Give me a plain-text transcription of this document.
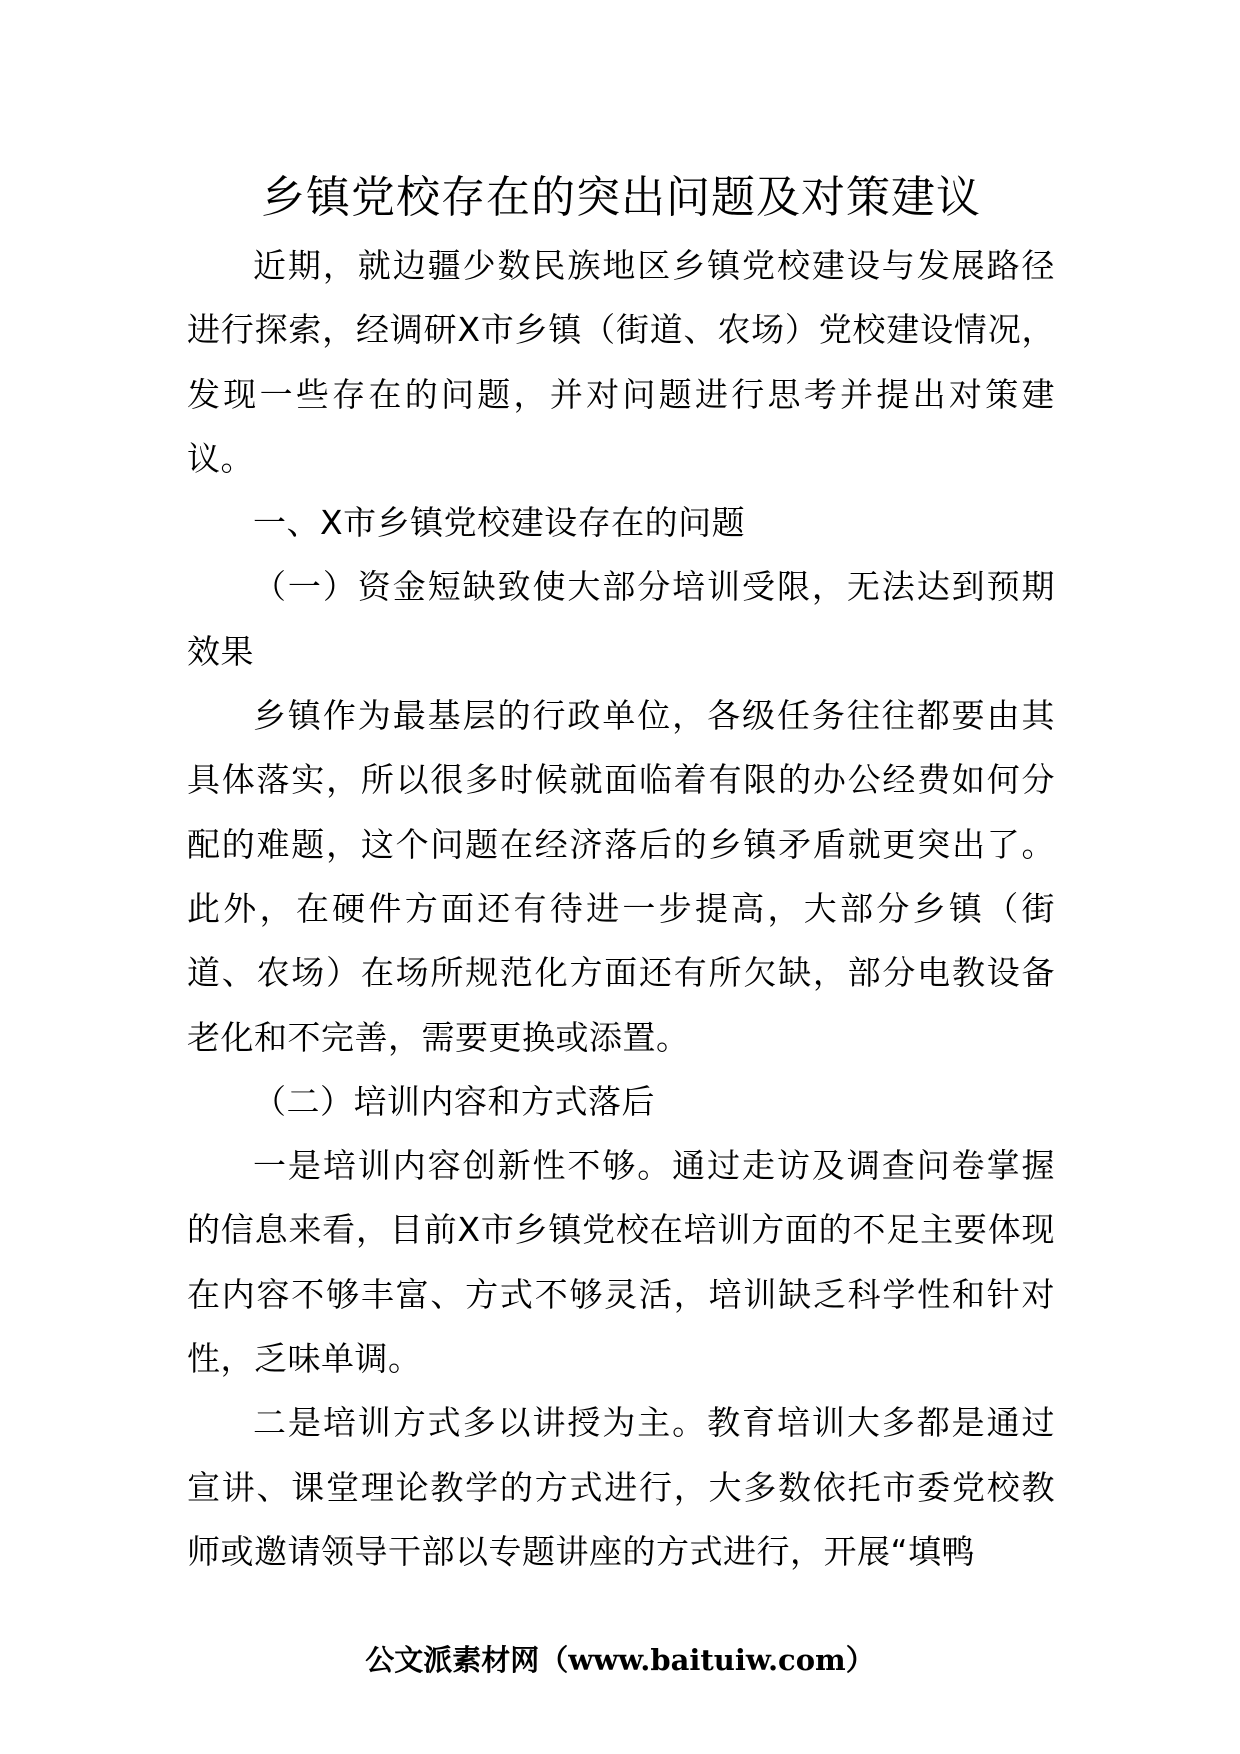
乡镇党校存在的突出问题及对策建议

近期，就边疆少数民族地区乡镇党校建设与发展路径进行探索，经调研X市乡镇（街道、农场）党校建设情况，发现一些存在的问题，并对问题进行思考并提出对策建议。

一、X市乡镇党校建设存在的问题

（一）资金短缺致使大部分培训受限，无法达到预期效果

乡镇作为最基层的行政单位，各级任务往往都要由其具体落实，所以很多时候就面临着有限的办公经费如何分配的难题，这个问题在经济落后的乡镇矛盾就更突出了。此外，在硬件方面还有待进一步提高，大部分乡镇（街道、农场）在场所规范化方面还有所欠缺，部分电教设备老化和不完善，需要更换或添置。

（二）培训内容和方式落后

一是培训内容创新性不够。通过走访及调查问卷掌握的信息来看，目前X市乡镇党校在培训方面的不足主要体现在内容不够丰富、方式不够灵活，培训缺乏科学性和针对性，乏味单调。

二是培训方式多以讲授为主。教育培训大多都是通过宣讲、课堂理论教学的方式进行，大多数依托市委党校教师或邀请领导干部以专题讲座的方式进行，开展“填鸭

公文派素材网（www.baituiw.com）
